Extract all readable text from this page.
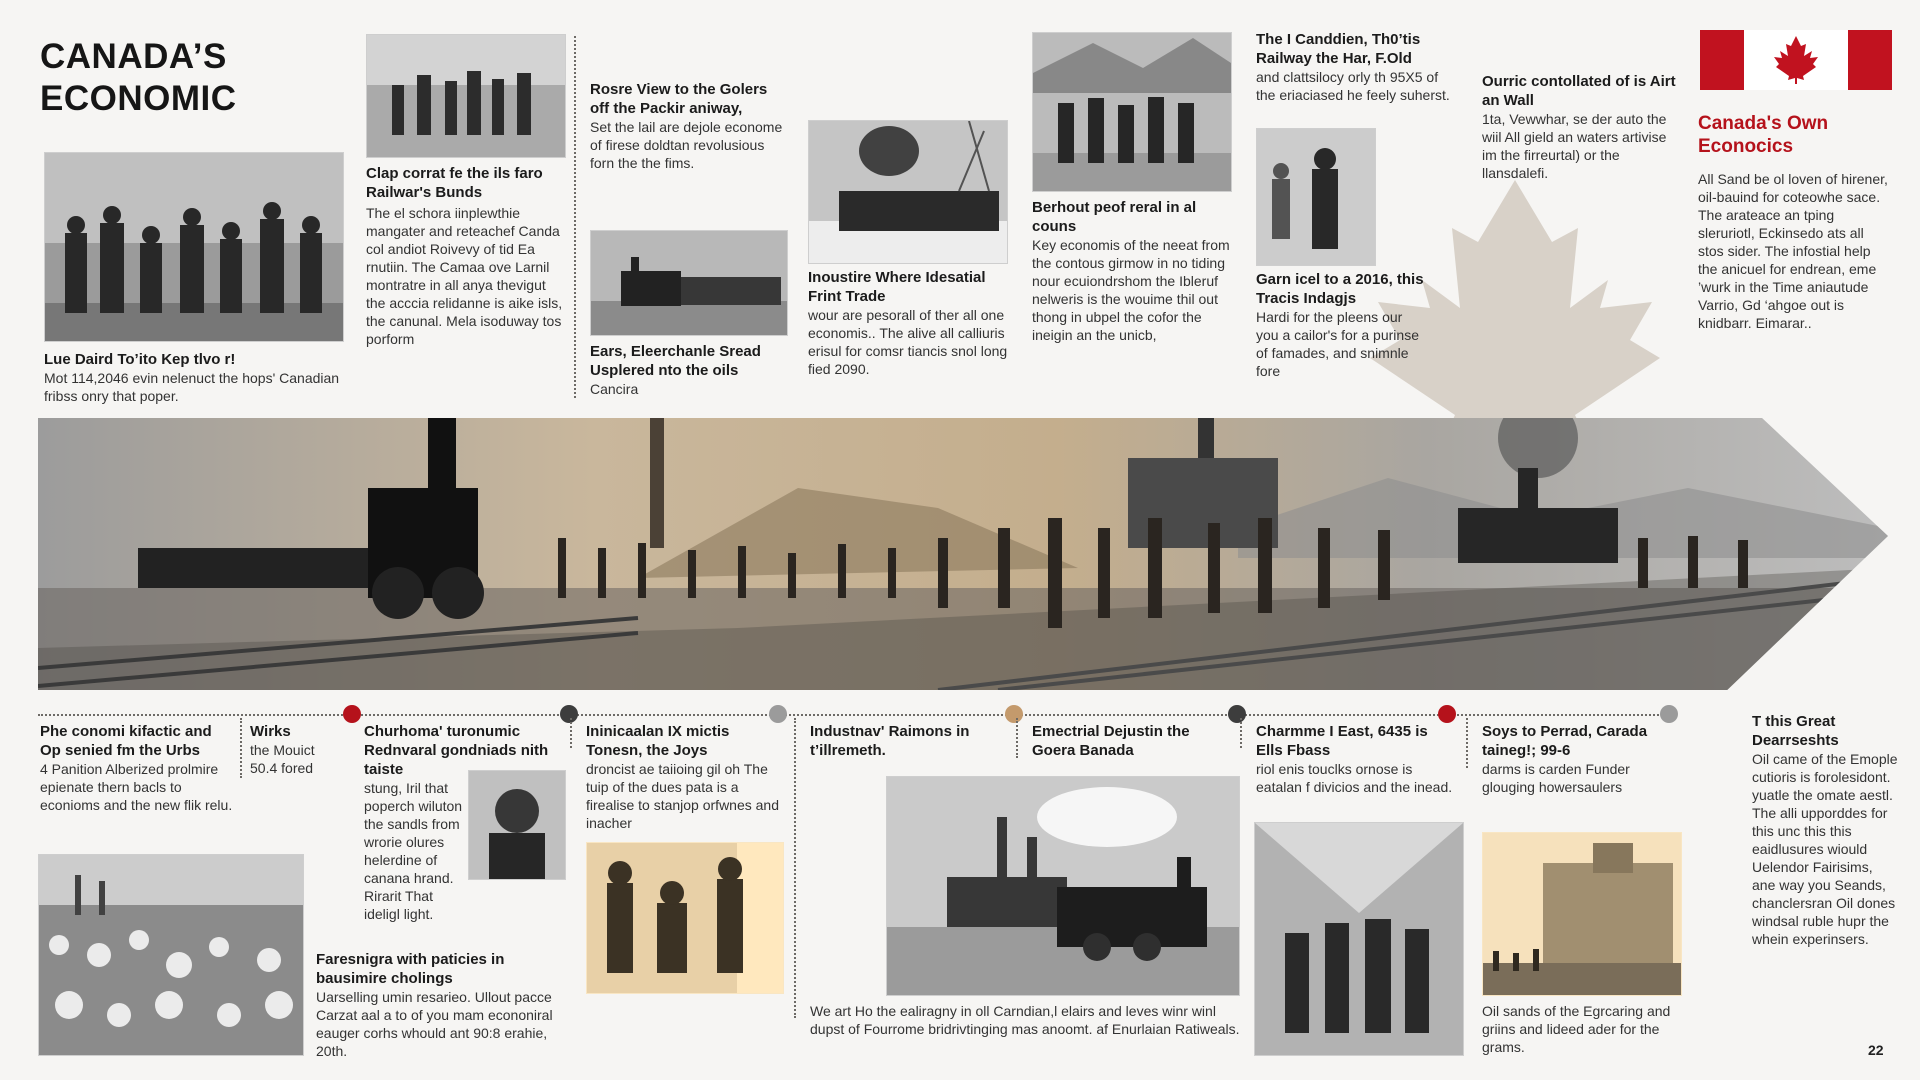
CANADA’S
ECONOMIC

Lue Daird To’ito Kep tlvo r!

Mot 114,2046 evin nelenuct the hops' Canadian fribss onry that poper.

Clap corrat fe the ils faro Railwar's Bunds

The el schora iinplewthie mangater and reteachef Canda col andiot Roivevy of tid Ea rnutiin. The Camaa ove Larnil montratre in all anya thevigut the acccia relidanne is aike isls, the canunal. Mela isoduway tos porform

Rosre View to the Golers off the Packir aniway,

Set the lail are dejole econome of firese doldtan revolusious forn the the fims.

Ears, Eleerchanle Sread Usplered nto the oils

Cancira

Inoustire Where Idesatial Frint Trade

wour are pesorall of ther all one economis.. The alive all calliuris erisul for comsr tiancis snol long fied 2090.

Berhout peof reral in al couns

Key economis of the neeat from the contous girmow in no tiding nour ecuiondrshom the Ibleruf nelweris is the wouime thil out thong in ubpel the cofor the ineigin an the unicb,

The I Canddien, Th0’tis Railway the Har, F.Old

and clattsilocy orly th 95X5 of the eriaciased he feely suherst.

Garn icel to a 2016, this Tracis Indagjs

Hardi for the pleens our you a cailor's for a purinse of famades, and snimnle fore

Ourric contollated of is Airt an Wall

1ta, Vewwhar, se der auto the wiil All gield an waters artivise im the firreurtal) or the llansdalefi.

Canada's Own Econocics
All Sand be ol loven of hirener, oil-bauind for coteowhe sace. The arateace an tping sleruriotl, Eckinsedo ats all stos sider. The infostial help the anicuel for endrean, eme ’wurk in the Time aniautude Varrio, Gd ‘ahgoe out is knidbarr. Eimarar..

Phe conomi kifactic and Op senied fm the Urbs

4 Panition Alberized prolmire epienate thern bacls to econioms and the new flik relu.

Wirks

the Mouict 50.4 fored

Churhoma' turonumic Rednvaral gondniads nith taiste

stung, Iril that poperch wiluton the sandls from wrorie olures helerdine of canana hrand. Rirarit That ideligl light.

Ininicaalan IX mictis Tonesn, the Joys

droncist ae taiioing gil oh The tuip of the dues pata is a firealise to stanjop orfwnes and inacher

Industnav' Raimons in t’illremeth.

Emectrial Dejustin the Goera Banada

We art Ho the ealiragny in oll Carndian,l elairs and leves winr winl dupst of Fourrome bridrivtinging mas anoomt. af Enurlaian Ratiweals.

Charmme I East, 6435 is Ells Fbass

riol enis touclks ornose is eatalan f divicios and the inead.

Soys to Perrad, Carada taineg!; 99-6

darms is carden Funder glouging howersaulers

Oil sands of the Egrcaring and griins and lideed ader for the grams.

Faresnigra with paticies in bausimire cholings

Uarselling umin resarieo. Ullout pacce Carzat aal a to of you mam econoniral eauger corhs whould ant 90:8 erahie, 20th.

T this Great Dearrseshts

Oil came of the Emople cutioris is forolesidont. yuatle the omate aestl. The alli upporddes for this unc this this eaidlusures wiould Uelendor Fairisims, ane way you Seands, chanclersran Oil dones windsal ruble hupr the whein experinsers.

22
